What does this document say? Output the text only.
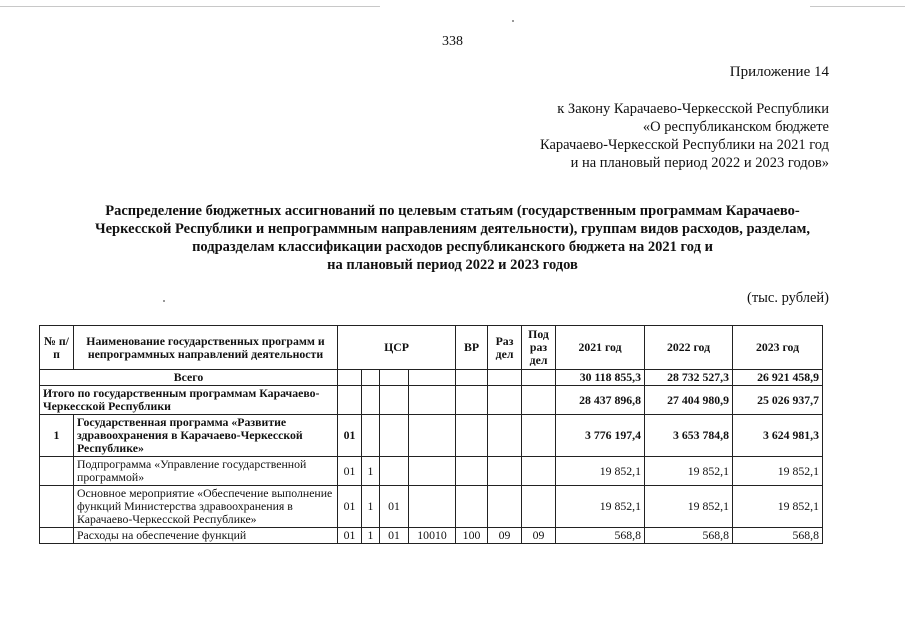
338
Приложение 14
к Закону Карачаево-Черкесской Республики
«О республиканском бюджете
Карачаево-Черкесской Республики на 2021 год
и на плановый период 2022 и 2023 годов»
Распределение бюджетных ассигнований по целевым статьям (государственным программам Карачаево-
Черкесской Республики и непрограммным направлениям деятельности), группам видов расходов, разделам,
подразделам классификации расходов республиканского бюджета на 2021 год и
на плановый период 2022 и 2023 годов
(тыс. рублей)
№ п/п	Наименование государственных программ и непрограммных направлений деятельности	ЦСР				ВР	Раз дел	Под раз дел	2021 год	2022 год	2023 год
Всего									30 118 855,3	28 732 527,3	26 921 458,9
Итого по государственным программам Карачаево-Черкесской Республики									28 437 896,8	27 404 980,9	25 026 937,7
1	Государственная программа «Развитие здравоохранения в Карачаево-Черкесской Республике»	01							3 776 197,4	3 653 784,8	3 624 981,3
	Подпрограмма «Управление государственной программой»	01	1						19 852,1	19 852,1	19 852,1
	Основное мероприятие «Обеспечение выполнение функций Министерства здравоохранения в Карачаево-Черкесской Республике»	01	1	01					19 852,1	19 852,1	19 852,1
	Расходы на обеспечение функций	01	1	01	10010	100	09	09	568,8	568,8	568,8
